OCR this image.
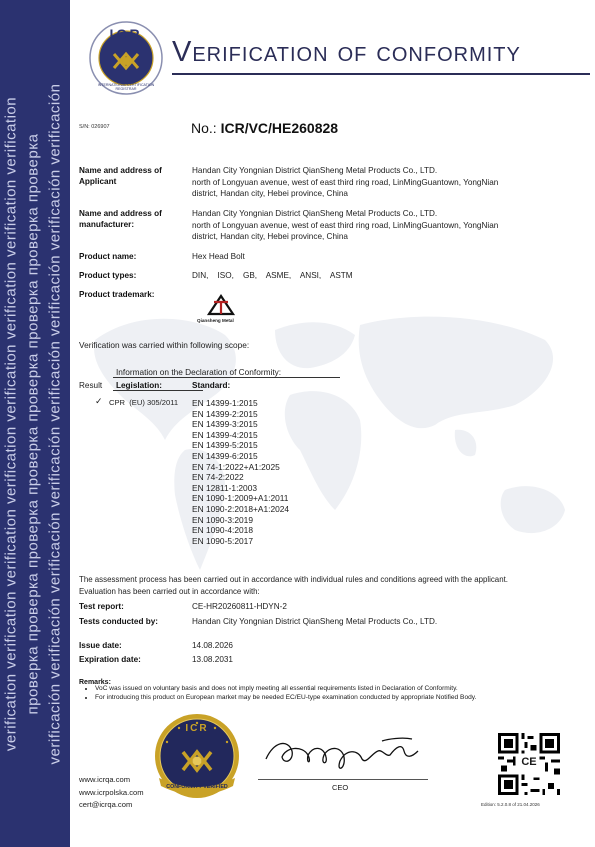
verification verification verification verification verification verification verification verification проверка проверка проверка проверка проверка проверка проверка проверка verificación verificación verificación verificación verificación verificación verificación verificación
ICR
INTERNATIONAL CERTIFICATION REGISTRAR
Verification of conformity
S/N: 026907	No.: ICR/VC/HE260828
Name and address of Applicant
Handan City Yongnian District QianSheng Metal Products Co., LTD.
north of Longyuan avenue, west of east third ring road, LinMingGuantown, YongNian
district, Handan city, Hebei province, China
Name and address of manufacturer:
Handan City Yongnian District QianSheng Metal Products Co., LTD.
north of Longyuan avenue, west of east third ring road, LinMingGuantown, YongNian
district, Handan city, Hebei province, China
Product name:	Hex Head Bolt
Product types:	DIN,    ISO,    GB,    ASME,    ANSI,    ASTM
Product trademark:
Qiansheng Metal
Verification was carried within following scope:
Information on the Declaration of Conformity:
Result Legislation:	Standard:
✓ CPR  (EU) 305/2011 EN 14399-1:2015
EN 14399-2:2015
EN 14399-3:2015
EN 14399-4:2015
EN 14399-5:2015
EN 14399-6:2015
EN 74-1:2022+A1:2025
EN 74-2:2022
EN 12811-1:2003
EN 1090-1:2009+A1:2011
EN 1090-2:2018+A1:2024
EN 1090-3:2019
EN 1090-4:2018
EN 1090-5:2017
The assessment process has been carried out in accordance with individual rules and conditions agreed with the applicant.
Evaluation has been carried out in accordance with:
Test report:	CE-HR20260811-HDYN-2
Tests conducted by:	Handan City Yongnian District QianSheng Metal Products Co., LTD.
Issue date:	14.08.2026
Expiration date:	13.08.2031
Remarks:
• VoC was issued on voluntary basis and does not imply meeting all essential requirements listed in Declaration of Conformity.
• For introducing this product on European market may be needed EC/EU-type examination conducted by appropriate Notified Body.
ICR
CONFORMITY VERIFIED	CEO
www.icrqa.com
www.icrpolska.com
cert@icrqa.com
CE
Edition: 5.2.0.8 of 21.04.2026
